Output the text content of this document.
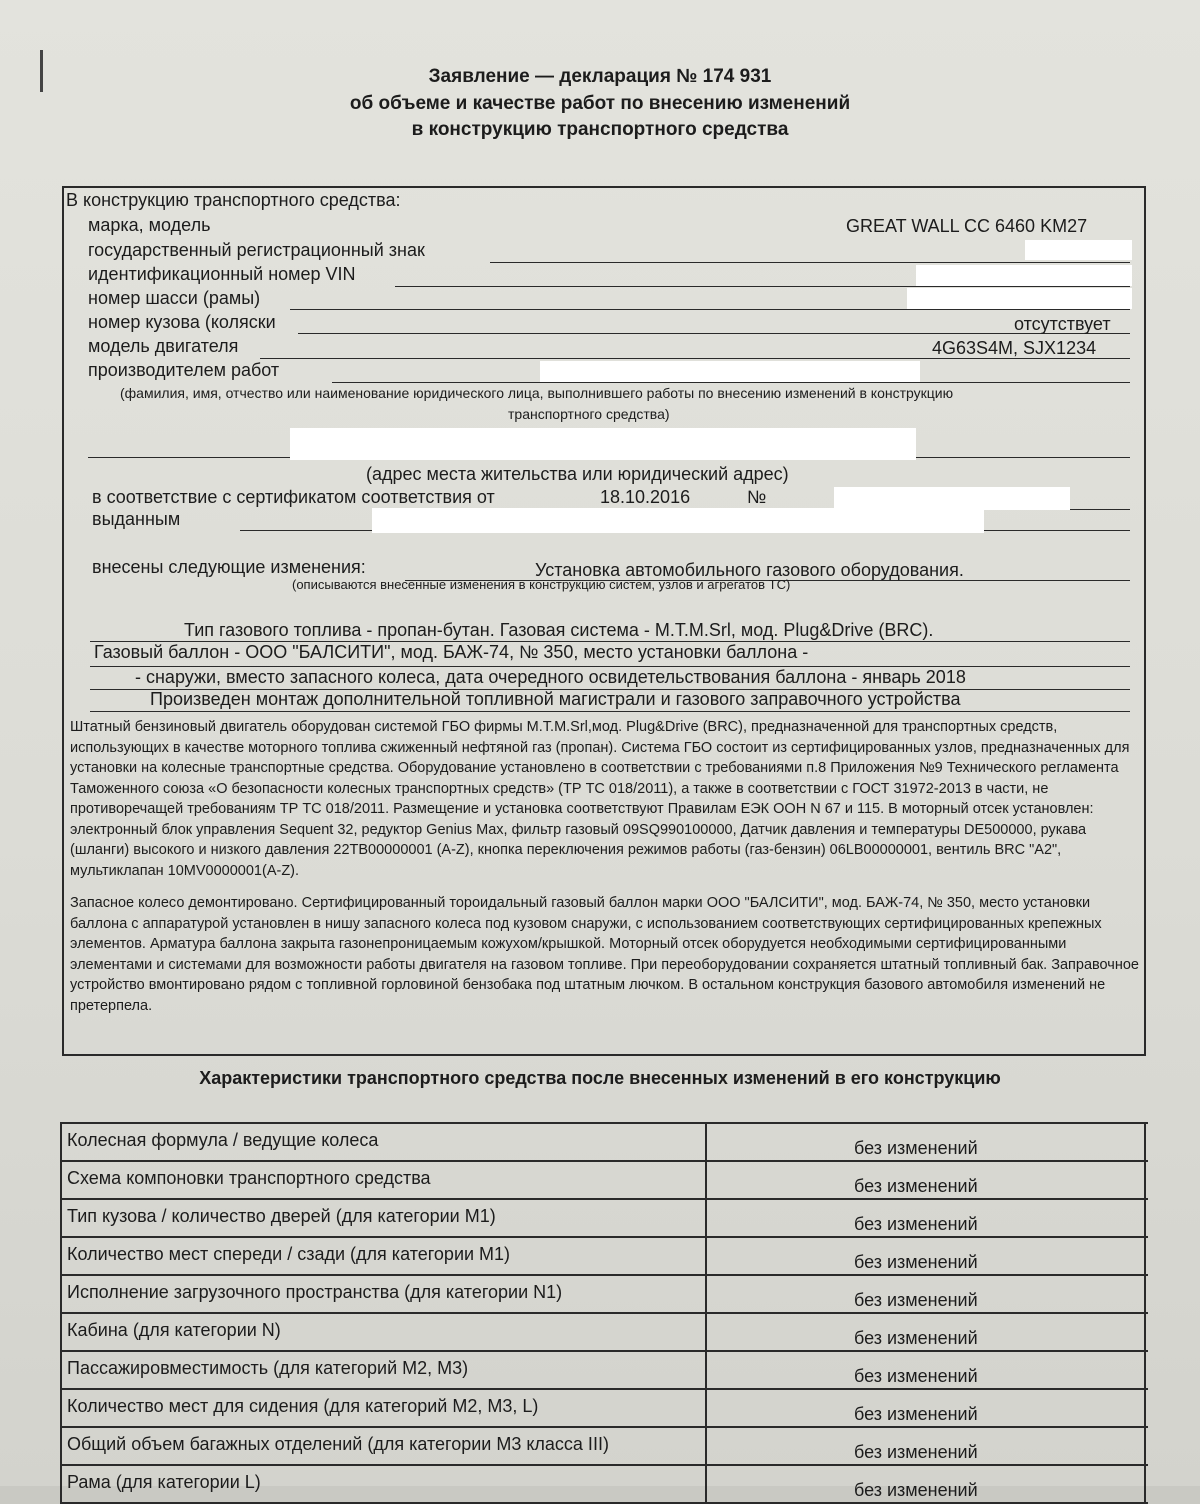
Заявление — декларация № 174 931
об объеме и качестве работ по внесению изменений
в конструкцию транспортного средства
В конструкцию транспортного средства:
марка, модель	GREAT WALL CC 6460 KM27
государственный регистрационный знак
идентификационный номер VIN
номер шасси (рамы)
номер кузова (коляски	отсутствует
модель двигателя	4G63S4M, SJX1234
производителем работ
(фамилия, имя, отчество или наименование юридического лица, выполнившего работы по внесению изменений в конструкцию
транспортного средства)
(адрес места жительства или юридический адрес)
в соответствие с сертификатом соответствия от	18.10.2016	№
выданным
внесены следующие изменения:	Установка автомобильного газового оборудования.
(описываются внесенные изменения в конструкцию систем, узлов и агрегатов ТС)
Тип газового топлива - пропан-бутан. Газовая система - M.T.M.Srl, мод. Plug&Drive (BRC).
Газовый баллон - ООО "БАЛСИТИ", мод. БАЖ-74, № 350, место установки баллона -
- снаружи, вместо запасного колеса, дата очередного освидетельствования баллона - январь 2018
Произведен монтаж дополнительной топливной магистрали и газового заправочного устройства
Штатный бензиновый двигатель оборудован системой ГБО фирмы M.T.M.Srl,мод. Plug&Drive (BRC), предназначенной для транспортных средств, использующих в качестве моторного топлива сжиженный нефтяной газ (пропан). Система ГБО состоит из сертифицированных узлов, предназначенных для установки на колесные транспортные средства. Оборудование установлено в соответствии с требованиями п.8 Приложения №9 Технического регламента Таможенного союза «О безопасности колесных транспортных средств» (ТР ТС 018/2011), а также в соответствии с ГОСТ 31972-2013 в части, не противоречащей требованиям ТР ТС 018/2011. Размещение и установка соответствуют Правилам ЕЭК ООН N 67 и 115. В моторный отсек установлен: электронный блок управления Sequent 32, редуктор Genius Max, фильтр газовый 09SQ990100000, Датчик давления и температуры DE500000, рукава (шланги) высокого и низкого давления 22TB00000001 (A-Z), кнопка переключения режимов работы (газ-бензин) 06LB00000001, вентиль BRC "A2", мультиклапан 10MV0000001(A-Z).
Запасное колесо демонтировано. Сертифицированный тороидальный газовый баллон марки ООО "БАЛСИТИ", мод. БАЖ-74, № 350, место установки баллона с аппаратурой установлен в нишу запасного колеса под кузовом снаружи, с использованием соответствующих сертифицированных крепежных элементов. Арматура баллона закрыта газонепроницаемым кожухом/крышкой. Моторный отсек оборудуется необходимыми сертифицированными элементами и системами для возможности работы двигателя на газовом топливе. При переоборудовании сохраняется штатный топливный бак. Заправочное устройство вмонтировано рядом с топливной горловиной бензобака под штатным лючком. В остальном конструкция базового автомобиля изменений не претерпела.
Характеристики транспортного средства после внесенных изменений в его конструкцию
Колесная формула / ведущие колеса	без изменений
Схема компоновки транспортного средства	без изменений
Тип кузова / количество дверей (для категории M1)	без изменений
Количество мест спереди / сзади (для категории M1)	без изменений
Исполнение загрузочного пространства (для категории N1)	без изменений
Кабина (для категории N)	без изменений
Пассажировместимость (для категорий M2, M3)	без изменений
Количество мест для сидения (для категорий M2, M3, L)	без изменений
Общий объем багажных отделений (для категории M3 класса III)	без изменений
Рама (для категории L)	без изменений
